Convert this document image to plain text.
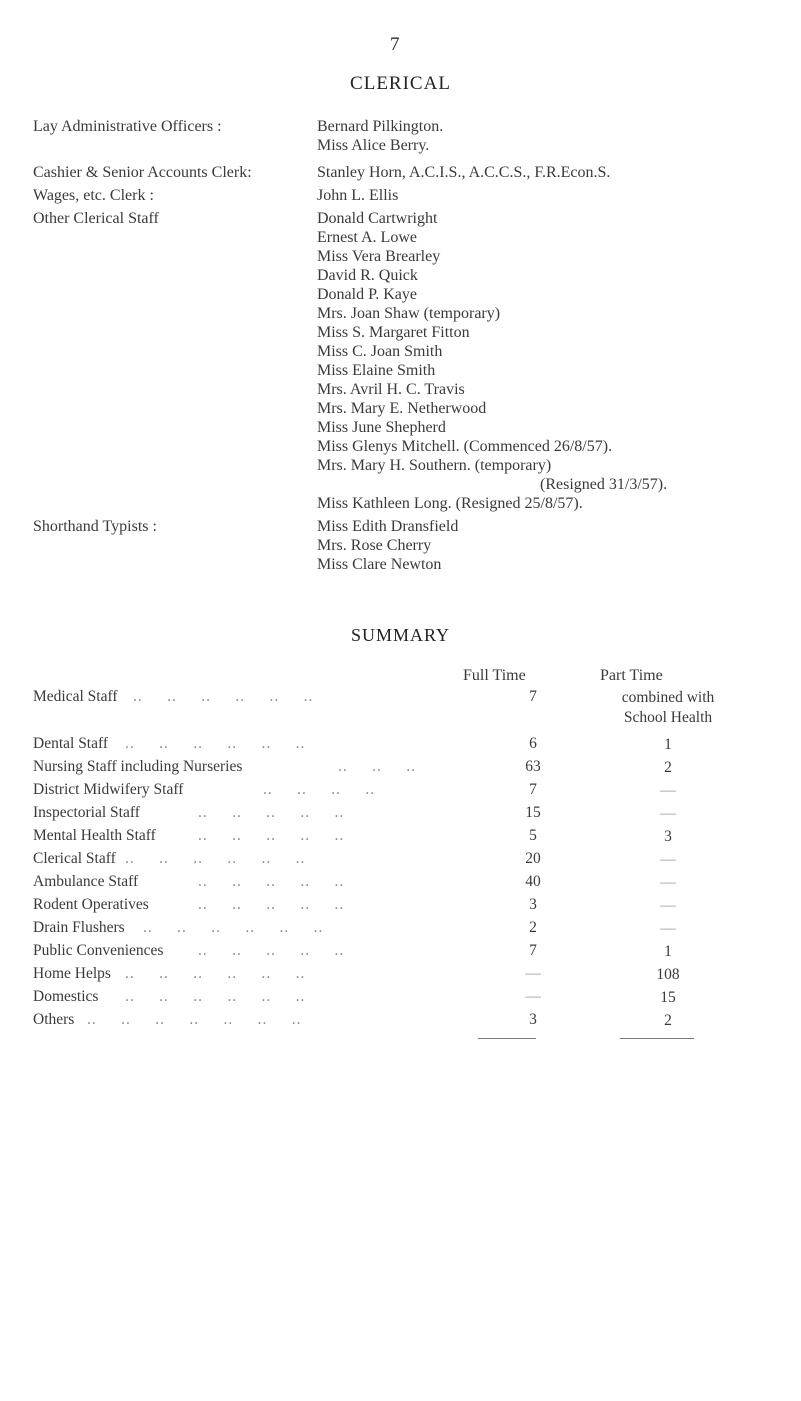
7
CLERICAL
Lay Administrative Officers :	Bernard Pilkington.
Miss Alice Berry.
Cashier & Senior Accounts Clerk:	Stanley Horn, A.C.I.S., A.C.C.S., F.R.Econ.S.
Wages, etc. Clerk :	John L. Ellis
Other Clerical Staff	Donald Cartwright
Ernest A. Lowe
Miss Vera Brearley
David R. Quick
Donald P. Kaye
Mrs. Joan Shaw (temporary)
Miss S. Margaret Fitton
Miss C. Joan Smith
Miss Elaine Smith
Mrs. Avril H. C. Travis
Mrs. Mary E. Netherwood
Miss June Shepherd
Miss Glenys Mitchell. (Commenced 26/8/57).
Mrs. Mary H. Southern. (temporary)
(Resigned 31/3/57).
Miss Kathleen Long. (Resigned 25/8/57).
Shorthand Typists :	Miss Edith Dransfield
Mrs. Rose Cherry
Miss Clare Newton
SUMMARY
Full Time	Part Time
Medical Staff ..     ..     ..     ..     ..     ..	7	combined with
School Health
Dental Staff ..     ..     ..     ..     ..     ..	6	1
Nursing Staff including Nurseries	..     ..     ..	63	2
District Midwifery Staff	..     ..     ..     ..	7	—
Inspectorial Staff	..     ..     ..     ..     ..	15	—
Mental Health Staff	..     ..     ..     ..     ..	5	3
Clerical Staff ..     ..     ..     ..     ..     ..	20	—
Ambulance Staff	..     ..     ..     ..     ..	40	—
Rodent Operatives	..     ..     ..     ..     ..	3	—
Drain Flushers ..     ..     ..     ..     ..     ..	2	—
Public Conveniences ..     ..     ..     ..     ..	7	1
Home Helps ..     ..     ..     ..     ..     ..	—	108
Domestics ..     ..     ..     ..     ..     ..	—	15
Others ..     ..     ..     ..     ..     ..     ..	3	2
